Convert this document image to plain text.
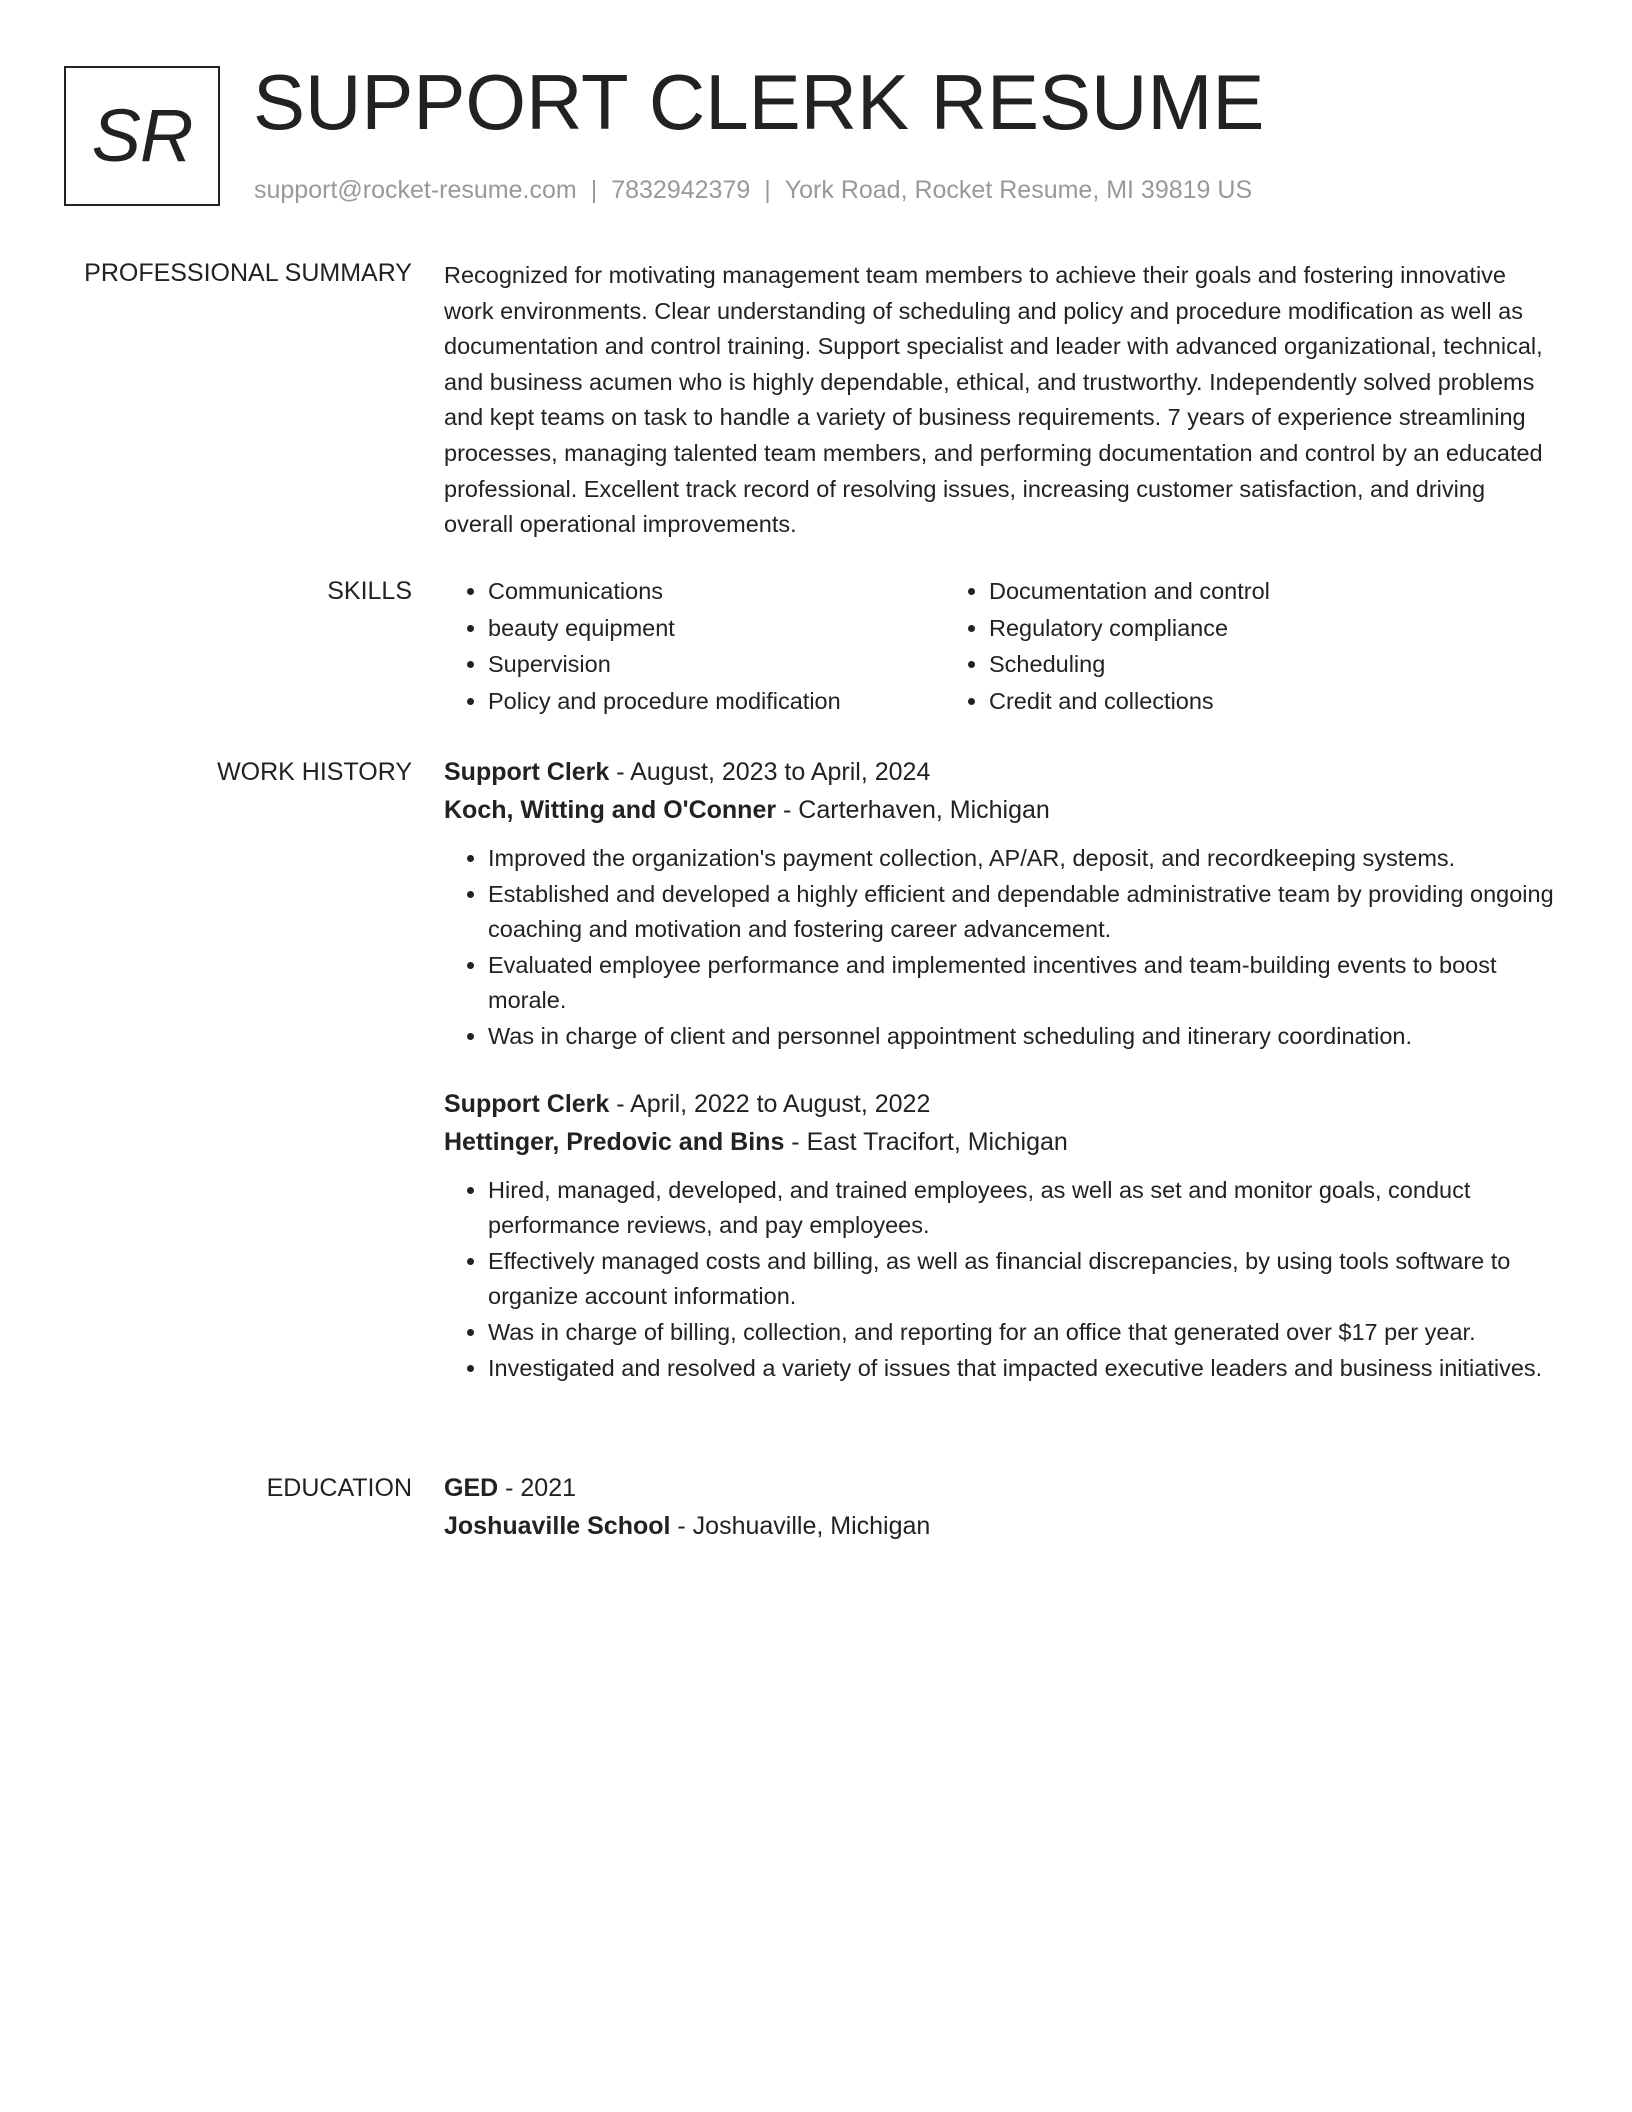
SR SUPPORT CLERK RESUME
support@rocket-resume.com | 7832942379 | York Road, Rocket Resume, MI 39819 US
PROFESSIONAL SUMMARY Recognized for motivating management team members to achieve their goals and fostering innovative work environments. Clear understanding of scheduling and policy and procedure modification as well as documentation and control training. Support specialist and leader with advanced organizational, technical, and business acumen who is highly dependable, ethical, and trustworthy. Independently solved problems and kept teams on task to handle a variety of business requirements. 7 years of experience streamlining processes, managing talented team members, and performing documentation and control by an educated professional. Excellent track record of resolving issues, increasing customer satisfaction, and driving overall operational improvements.

SKILLS
•	Communications
• beauty equipment
• Supervision
• Policy and procedure modification
• Documentation and control
• Regulatory compliance
• Scheduling
• Credit and collections
WORK HISTORY Support Clerk - August, 2023 to April, 2024
Koch, Witting and O'Conner - Carterhaven, Michigan
• Improved the organization's payment collection, AP/AR, deposit, and recordkeeping systems.
• Established and developed a highly efficient and dependable administrative team by providing ongoing coaching and motivation and fostering career advancement.
• Evaluated employee performance and implemented incentives and team-building events to boost morale.
• Was in charge of client and personnel appointment scheduling and itinerary coordination.
Support Clerk - April, 2022 to August, 2022
Hettinger, Predovic and Bins - East Tracifort, Michigan
• Hired, managed, developed, and trained employees, as well as set and monitor goals, conduct performance reviews, and pay employees.
• Effectively managed costs and billing, as well as financial discrepancies, by using tools software to organize account information.
• Was in charge of billing, collection, and reporting for an office that generated over $17 per year.
• Investigated and resolved a variety of issues that impacted executive leaders and business initiatives.
EDUCATION GED - 2021
Joshuaville School - Joshuaville, Michigan
